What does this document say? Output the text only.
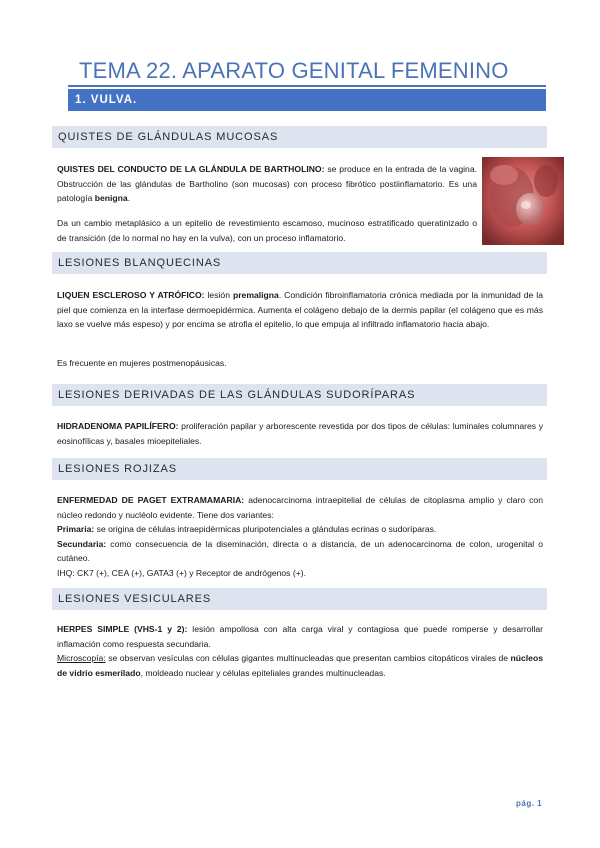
TEMA 22. APARATO GENITAL FEMENINO
1. VULVA.
QUISTES DE GLÁNDULAS MUCOSAS
QUISTES DEL CONDUCTO DE LA GLÁNDULA DE BARTHOLINO: se produce en la entrada de la vagina. Obstrucción de las glándulas de Bartholino (son mucosas) con proceso fibrótico postiinflamatorio. Es una patología benigna.
Da un cambio metaplásico a un epitelio de revestimiento escamoso, mucinoso estratificado queratinizado o de transición (de lo normal no hay en la vulva), con un proceso inflamatorio.
LESIONES BLANQUECINAS
LIQUEN ESCLEROSO Y ATRÓFICO: lesión premaligna. Condición fibroinflamatoria crónica mediada por la inmunidad de la piel que comienza en la interfase dermoepidérmica. Aumenta el colágeno debajo de la dermis papilar (el colágeno que es más laxo se vuelve más espeso) y por encima se atrofia el epitelio, lo que empuja al infiltrado inflamatorio hacia abajo.
Es frecuente en mujeres postmenopáusicas.
LESIONES DERIVADAS DE LAS GLÁNDULAS SUDORÍPARAS
HIDRADENOMA PAPILÍFERO: proliferación papilar y arborescente revestida por dos tipos de células: luminales columnares y eosinofílicas y, basales mioepiteliales.
LESIONES ROJIZAS
ENFERMEDAD DE PAGET EXTRAMAMARIA: adenocarcinoma intraepitelial de células de citoplasma amplio y claro con núcleo redondo y nucléolo evidente. Tiene dos variantes:
Primaria: se origina de células intraepidérmicas pluripotenciales a glándulas ecrinas o sudoríparas.
Secundaria: como consecuencia de la diseminación, directa o a distancia, de un adenocarcinoma de colon, urogenital o cutáneo.
IHQ: CK7 (+), CEA (+), GATA3 (+) y Receptor de andrógenos (+).
LESIONES VESICULARES
HERPES SIMPLE (VHS-1 y 2): lesión ampollosa con alta carga viral y contagiosa que puede romperse y desarrollar inflamación como respuesta secundaria.
Microscopía: se observan vesículas con células gigantes multinucleadas que presentan cambios citopáticos virales de núcleos de vidrio esmerilado, moldeado nuclear y células epiteliales grandes multinucleadas.
pág. 1
